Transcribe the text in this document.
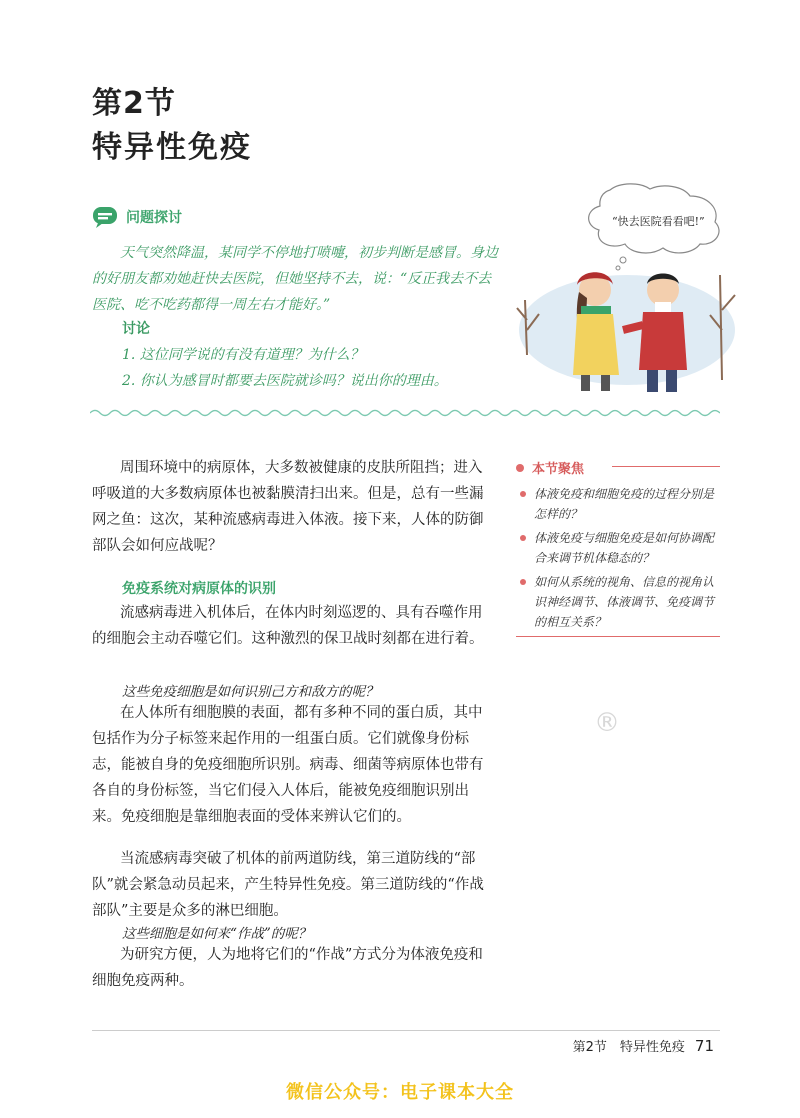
第2节
特异性免疫
问题探讨
天气突然降温，某同学不停地打喷嚏，初步判断是感冒。身边的好朋友都劝她赶快去医院，但她坚持不去，说：“反正我去不去医院、吃不吃药都得一周左右才能好。”
讨论
1. 这位同学说的有没有道理？为什么？
2. 你认为感冒时都要去医院就诊吗？说出你的理由。
“快去医院看看吧!”
周围环境中的病原体，大多数被健康的皮肤所阻挡；进入呼吸道的大多数病原体也被黏膜清扫出来。但是，总有一些漏网之鱼：这次，某种流感病毒进入体液。接下来，人体的防御部队会如何应战呢？
免疫系统对病原体的识别
流感病毒进入机体后，在体内时刻巡逻的、具有吞噬作用的细胞会主动吞噬它们。这种激烈的保卫战时刻都在进行着。
这些免疫细胞是如何识别己方和敌方的呢？
在人体所有细胞膜的表面，都有多种不同的蛋白质，其中包括作为分子标签来起作用的一组蛋白质。它们就像身份标志，能被自身的免疫细胞所识别。病毒、细菌等病原体也带有各自的身份标签，当它们侵入人体后，能被免疫细胞识别出来。免疫细胞是靠细胞表面的受体来辨认它们的。
当流感病毒突破了机体的前两道防线，第三道防线的“部队”就会紧急动员起来，产生特异性免疫。第三道防线的“作战部队”主要是众多的淋巴细胞。
这些细胞是如何来“作战”的呢？
为研究方便，人为地将它们的“作战”方式分为体液免疫和细胞免疫两种。
本节聚焦
体液免疫和细胞免疫的过程分别是怎样的？
体液免疫与细胞免疫是如何协调配合来调节机体稳态的？
如何从系统的视角、信息的视角认识神经调节、体液调节、免疫调节的相互关系？
®
第2节　特异性免疫 71
微信公众号：电子课本大全
